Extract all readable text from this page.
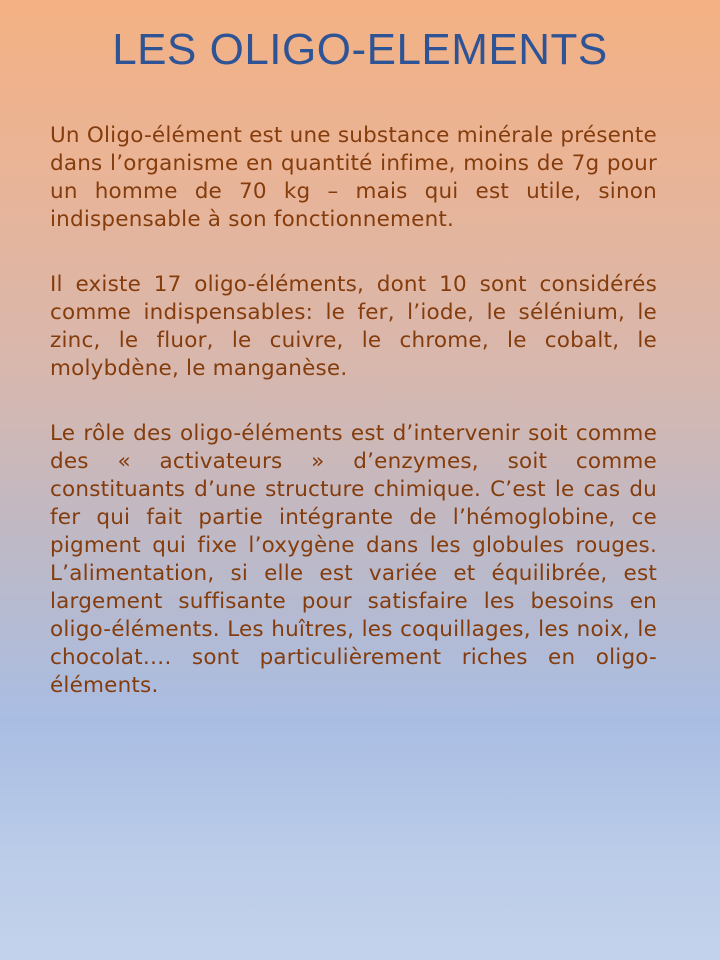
LES OLIGO-ELEMENTS

Un Oligo-élément est une substance minérale présente dans l’organisme en quantité infime, moins de 7g pour un homme de 70 kg – mais qui est utile, sinon indispensable à son fonctionnement.

Il existe 17 oligo-éléments, dont 10 sont considérés comme indispensables: le fer, l’iode, le sélénium, le zinc, le fluor, le cuivre, le chrome, le cobalt, le molybdène, le manganèse.

Le rôle des oligo-éléments est d’intervenir soit comme des « activateurs » d’enzymes, soit comme constituants d’une structure chimique. C’est le cas du fer qui fait partie intégrante de l’hémoglobine, ce pigment qui fixe l’oxygène dans les globules rouges. L’alimentation, si elle est variée et équilibrée, est largement suffisante pour satisfaire les besoins en oligo-éléments. Les huîtres, les coquillages, les noix, le chocolat…. sont particulièrement riches en oligo-éléments.
